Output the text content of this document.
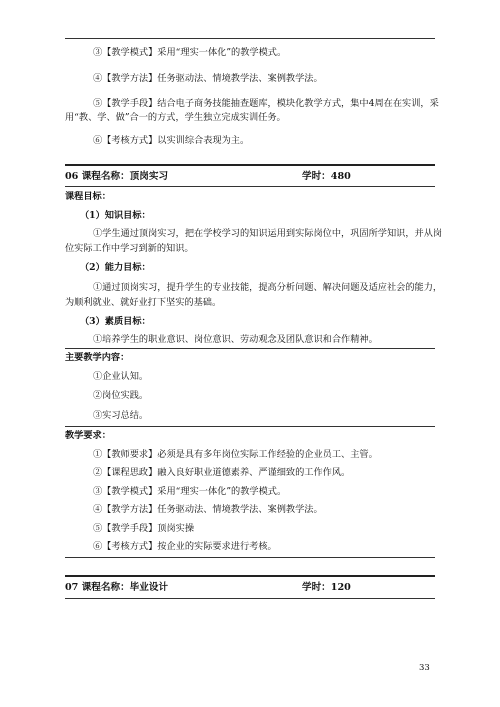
③【教学模式】采用“理实一体化”的教学模式。
④【教学方法】任务驱动法、情境教学法、案例教学法。
⑤【教学手段】结合电子商务技能抽查题库，模块化教学方式，集中4周在在实训，采
用“教、学、做”合一的方式，学生独立完成实训任务。
⑥【考核方式】以实训综合表现为主。
06 课程名称：顶岗实习	学时：480
课程目标：
（1）知识目标：
①学生通过顶岗实习，把在学校学习的知识运用到实际岗位中，巩固所学知识，并从岗
位实际工作中学习到新的知识。
（2）能力目标：
①通过顶岗实习，提升学生的专业技能，提高分析问题、解决问题及适应社会的能力，
为顺利就业、就好业打下坚实的基础。
（3）素质目标：
①培养学生的职业意识、岗位意识、劳动观念及团队意识和合作精神。
主要教学内容：
①企业认知。
②岗位实践。
③实习总结。
教学要求：
①【教师要求】必须是具有多年岗位实际工作经验的企业员工、主管。
②【课程思政】融入良好职业道德素养、严谨细致的工作作风。
③【教学模式】采用“理实一体化”的教学模式。
④【教学方法】任务驱动法、情境教学法、案例教学法。
⑤【教学手段】顶岗实操
⑥【考核方式】按企业的实际要求进行考核。
07 课程名称：毕业设计	学时：120
33
